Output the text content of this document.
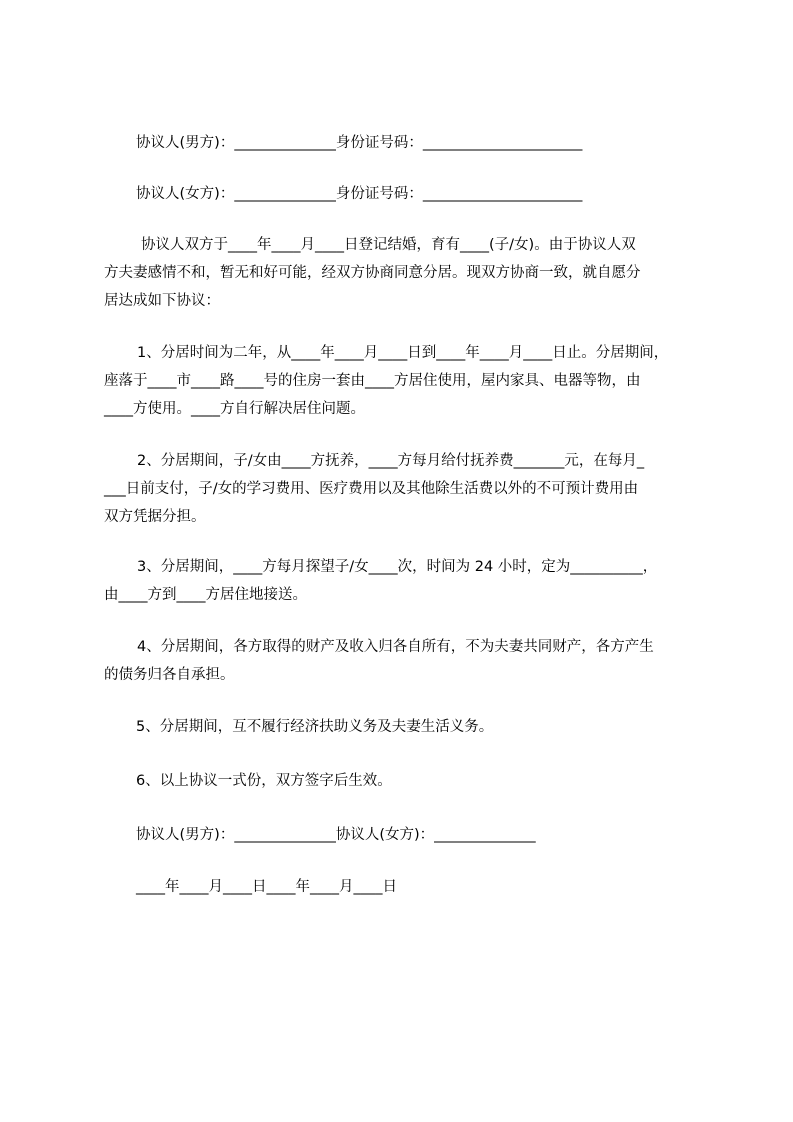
协议人(男方)：______________身份证号码：______________________

协议人(女方)：______________身份证号码：______________________

协议人双方于____年____月____日登记结婚，育有____(子/女)。由于协议人双

方夫妻感情不和，暂无和好可能，经双方协商同意分居。现双方协商一致，就自愿分

居达成如下协议：

1、分居时间为二年，从____年____月____日到____年____月____日止。分居期间，

座落于____市____路____号的住房一套由____方居住使用，屋内家具、电器等物，由

____方使用。____方自行解决居住问题。

2、分居期间，子/女由____方抚养，____方每月给付抚养费_______元，在每月_

___日前支付，子/女的学习费用、医疗费用以及其他除生活费以外的不可预计费用由

双方凭据分担。

3、分居期间，____方每月探望子/女____次，时间为 24 小时，定为__________，

由____方到____方居住地接送。

4、分居期间，各方取得的财产及收入归各自所有，不为夫妻共同财产，各方产生

的债务归各自承担。

5、分居期间，互不履行经济扶助义务及夫妻生活义务。

6、以上协议一式份，双方签字后生效。

协议人(男方)：______________协议人(女方)：______________

____年____月____日____年____月____日
